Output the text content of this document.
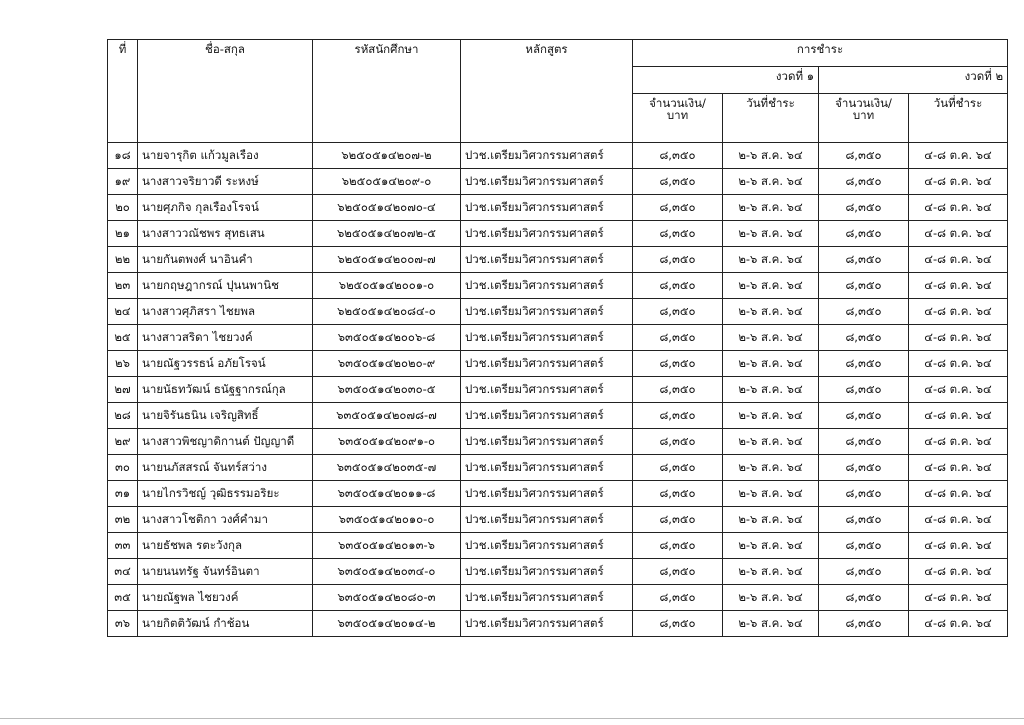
ที่	ชื่อ-สกุล	รหัสนักศึกษา	หลักสูตร	การชำระ			
				งวดที่ ๑		งวดที่ ๒	
				จำนวนเงิน/ บาท	วันที่ชำระ	จำนวนเงิน/ บาท	วันที่ชำระ
๑๘	นายจารุกิต แก้วมูลเรือง	๖๒๕๐๕๑๔๒๐๗-๒	ปวช.เตรียมวิศวกรรมศาสตร์	๘,๓๕๐	๒-๖ ส.ค. ๖๔	๘,๓๕๐	๔-๘ ต.ค. ๖๔
๑๙	นางสาวจริยาวดี ระหงษ์	๖๒๕๐๕๑๔๒๐๙-๐	ปวช.เตรียมวิศวกรรมศาสตร์	๘,๓๕๐	๒-๖ ส.ค. ๖๔	๘,๓๕๐	๔-๘ ต.ค. ๖๔
๒๐	นายศุภกิจ กุลเรืองโรจน์	๖๒๕๐๕๑๔๒๐๗๐-๔	ปวช.เตรียมวิศวกรรมศาสตร์	๘,๓๕๐	๒-๖ ส.ค. ๖๔	๘,๓๕๐	๔-๘ ต.ค. ๖๔
๒๑	นางสาววณัชพร สุทธเสน	๖๒๕๐๕๑๔๒๐๗๒-๕	ปวช.เตรียมวิศวกรรมศาสตร์	๘,๓๕๐	๒-๖ ส.ค. ๖๔	๘,๓๕๐	๔-๘ ต.ค. ๖๔
๒๒	นายกันตพงศ์ นาอินคำ	๖๒๕๐๕๑๔๒๐๐๗-๗	ปวช.เตรียมวิศวกรรมศาสตร์	๘,๓๕๐	๒-๖ ส.ค. ๖๔	๘,๓๕๐	๔-๘ ต.ค. ๖๔
๒๓	นายกฤษฎากรณ์ ปุนนพานิช	๖๒๕๐๕๑๔๒๐๐๑-๐	ปวช.เตรียมวิศวกรรมศาสตร์	๘,๓๕๐	๒-๖ ส.ค. ๖๔	๘,๓๕๐	๔-๘ ต.ค. ๖๔
๒๔	นางสาวศุภิสรา ไชยพล	๖๒๕๐๕๑๔๒๐๘๔-๐	ปวช.เตรียมวิศวกรรมศาสตร์	๘,๓๕๐	๒-๖ ส.ค. ๖๔	๘,๓๕๐	๔-๘ ต.ค. ๖๔
๒๕	นางสาวสริดา ไชยวงค์	๖๓๕๐๕๑๔๒๐๐๖-๘	ปวช.เตรียมวิศวกรรมศาสตร์	๘,๓๕๐	๒-๖ ส.ค. ๖๔	๘,๓๕๐	๔-๘ ต.ค. ๖๔
๒๖	นายณัฐวรรธน์ อภัยโรจน์	๖๓๕๐๕๑๔๒๐๒๐-๙	ปวช.เตรียมวิศวกรรมศาสตร์	๘,๓๕๐	๒-๖ ส.ค. ๖๔	๘,๓๕๐	๔-๘ ต.ค. ๖๔
๒๗	นายนัธทวัฒน์ ธนัฐฐากรณ์กุล	๖๓๕๐๕๑๔๒๐๓๐-๕	ปวช.เตรียมวิศวกรรมศาสตร์	๘,๓๕๐	๒-๖ ส.ค. ๖๔	๘,๓๕๐	๔-๘ ต.ค. ๖๔
๒๘	นายจิรันธนิน เจริญสิทธิ์	๖๓๕๐๕๑๔๒๐๗๘-๗	ปวช.เตรียมวิศวกรรมศาสตร์	๘,๓๕๐	๒-๖ ส.ค. ๖๔	๘,๓๕๐	๔-๘ ต.ค. ๖๔
๒๙	นางสาวพิชญาดิกานต์ ปัญญาดี	๖๓๕๐๕๑๔๒๐๙๑-๐	ปวช.เตรียมวิศวกรรมศาสตร์	๘,๓๕๐	๒-๖ ส.ค. ๖๔	๘,๓๕๐	๔-๘ ต.ค. ๖๔
๓๐	นายนภัสสรณ์ จันทร์สว่าง	๖๓๕๐๕๑๔๒๐๓๕-๗	ปวช.เตรียมวิศวกรรมศาสตร์	๘,๓๕๐	๒-๖ ส.ค. ๖๔	๘,๓๕๐	๔-๘ ต.ค. ๖๔
๓๑	นายไกรวิชญ์ วุฒิธรรมอริยะ	๖๓๕๐๕๑๔๒๐๑๑-๘	ปวช.เตรียมวิศวกรรมศาสตร์	๘,๓๕๐	๒-๖ ส.ค. ๖๔	๘,๓๕๐	๔-๘ ต.ค. ๖๔
๓๒	นางสาวโชติกา วงศ์คำมา	๖๓๕๐๕๑๔๒๐๑๐-๐	ปวช.เตรียมวิศวกรรมศาสตร์	๘,๓๕๐	๒-๖ ส.ค. ๖๔	๘,๓๕๐	๔-๘ ต.ค. ๖๔
๓๓	นายธัชพล รตะวังกุล	๖๓๕๐๕๑๔๒๐๑๓-๖	ปวช.เตรียมวิศวกรรมศาสตร์	๘,๓๕๐	๒-๖ ส.ค. ๖๔	๘,๓๕๐	๔-๘ ต.ค. ๖๔
๓๔	นายนนทรัฐ จันทร์อินตา	๖๓๕๐๕๑๔๒๐๓๔-๐	ปวช.เตรียมวิศวกรรมศาสตร์	๘,๓๕๐	๒-๖ ส.ค. ๖๔	๘,๓๕๐	๔-๘ ต.ค. ๖๔
๓๕	นายณัฐพล ไชยวงค์	๖๓๕๐๕๑๔๒๐๘๐-๓	ปวช.เตรียมวิศวกรรมศาสตร์	๘,๓๕๐	๒-๖ ส.ค. ๖๔	๘,๓๕๐	๔-๘ ต.ค. ๖๔
๓๖	นายกิตติวัฒน์ กำช้อน	๖๓๕๐๕๑๔๒๐๑๔-๒	ปวช.เตรียมวิศวกรรมศาสตร์	๘,๓๕๐	๒-๖ ส.ค. ๖๔	๘,๓๕๐	๔-๘ ต.ค. ๖๔
